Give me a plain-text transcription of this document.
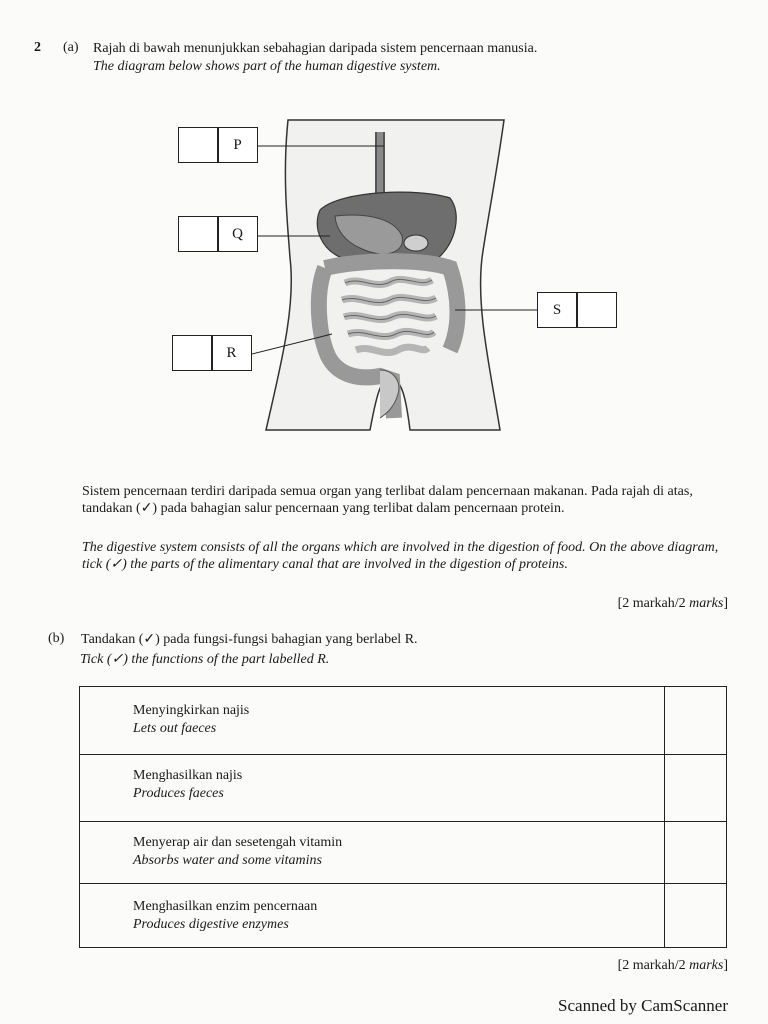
2 (a) Rajah di bawah menunjukkan sebahagian daripada sistem pencernaan manusia.
The diagram below shows part of the human digestive system.
P
Q
R
S
Sistem pencernaan terdiri daripada semua organ yang terlibat dalam pencernaan makanan. Pada rajah di atas, tandakan (✓) pada bahagian salur pencernaan yang terlibat dalam pencernaan protein.
The digestive system consists of all the organs which are involved in the digestion of food. On the above diagram, tick (✓) the parts of the alimentary canal that are involved in the digestion of proteins.
[2 markah/2 marks]
(b) Tandakan (✓) pada fungsi-fungsi bahagian yang berlabel R.
Tick (✓) the functions of the part labelled R.
Menyingkirkan najis
Lets out faeces
Menghasilkan najis
Produces faeces
Menyerap air dan sesetengah vitamin
Absorbs water and some vitamins
Menghasilkan enzim pencernaan
Produces digestive enzymes
[2 markah/2 marks]
Scanned by CamScanner
